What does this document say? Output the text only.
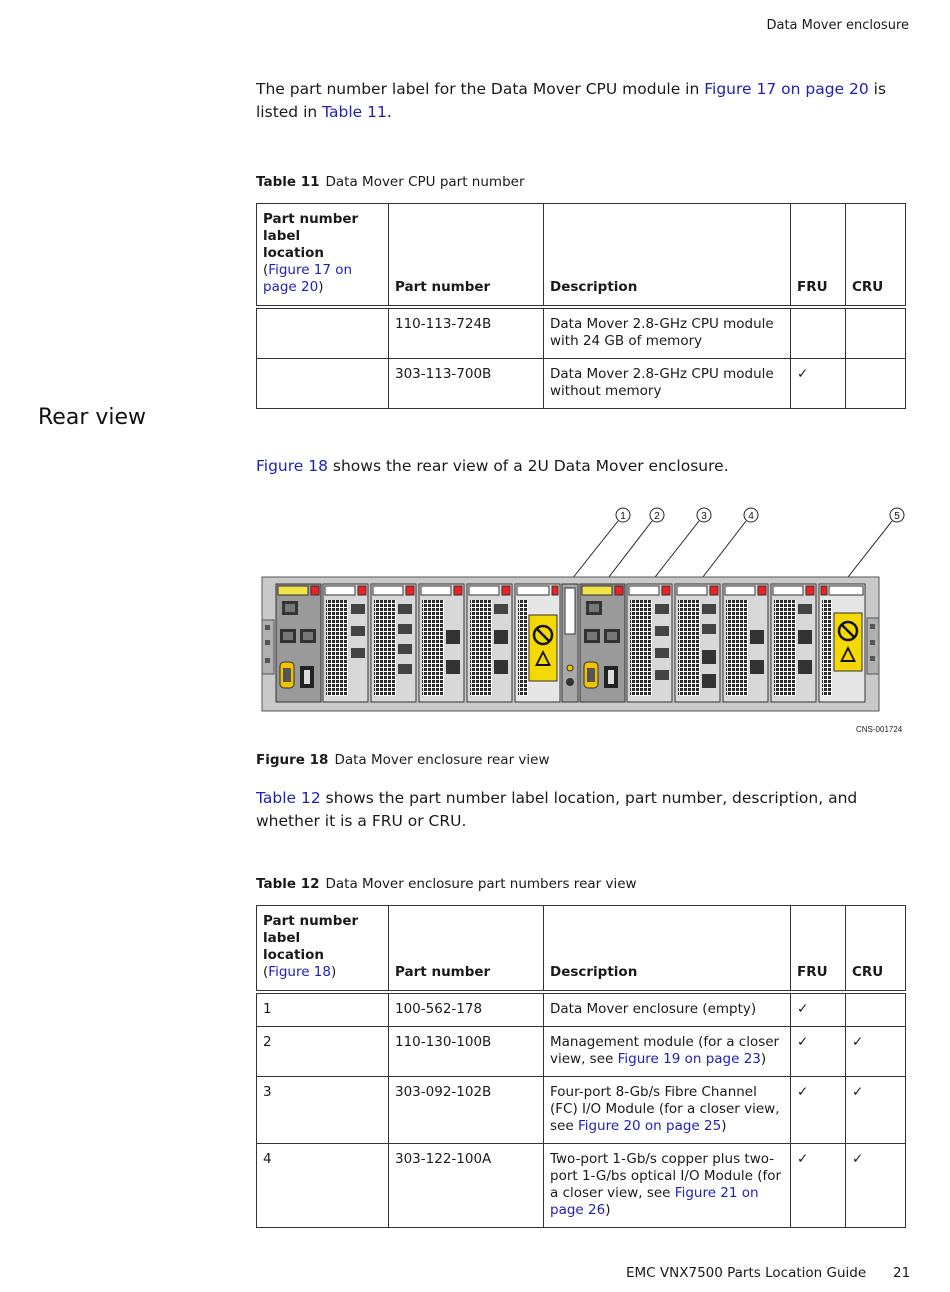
Data Mover enclosure
The part number label for the Data Mover CPU module in Figure 17 on page 20 is listed in Table 11.
Table 11 Data Mover CPU part number
Part number label
location
(Figure 17 on page 20)	Part number	Description	FRU	CRU
	110-113-724B	Data Mover 2.8-GHz CPU module with 24 GB of memory		
	303-113-700B	Data Mover 2.8-GHz CPU module without memory	✓	
Rear view
Figure 18 shows the rear view of a 2U Data Mover enclosure.
1	2	3	4	5
CNS-001724
Figure 18 Data Mover enclosure rear view
Table 12 shows the part number label location, part number, description, and whether it is a FRU or CRU.
Table 12 Data Mover enclosure part numbers rear view
Part number label
location
(Figure 18)	Part number	Description	FRU	CRU
1	100-562-178	Data Mover enclosure (empty)	✓	
2	110-130-100B	Management module (for a closer view, see Figure 19 on page 23)	✓	✓
3	303-092-102B	Four-port 8-Gb/s Fibre Channel (FC) I/O Module (for a closer view, see Figure 20 on page 25)	✓	✓
4	303-122-100A	Two-port 1-Gb/s copper plus two-port 1-G/bs optical I/O Module (for a closer view, see Figure 21 on page 26)	✓	✓
EMC VNX7500 Parts Location Guide 21
